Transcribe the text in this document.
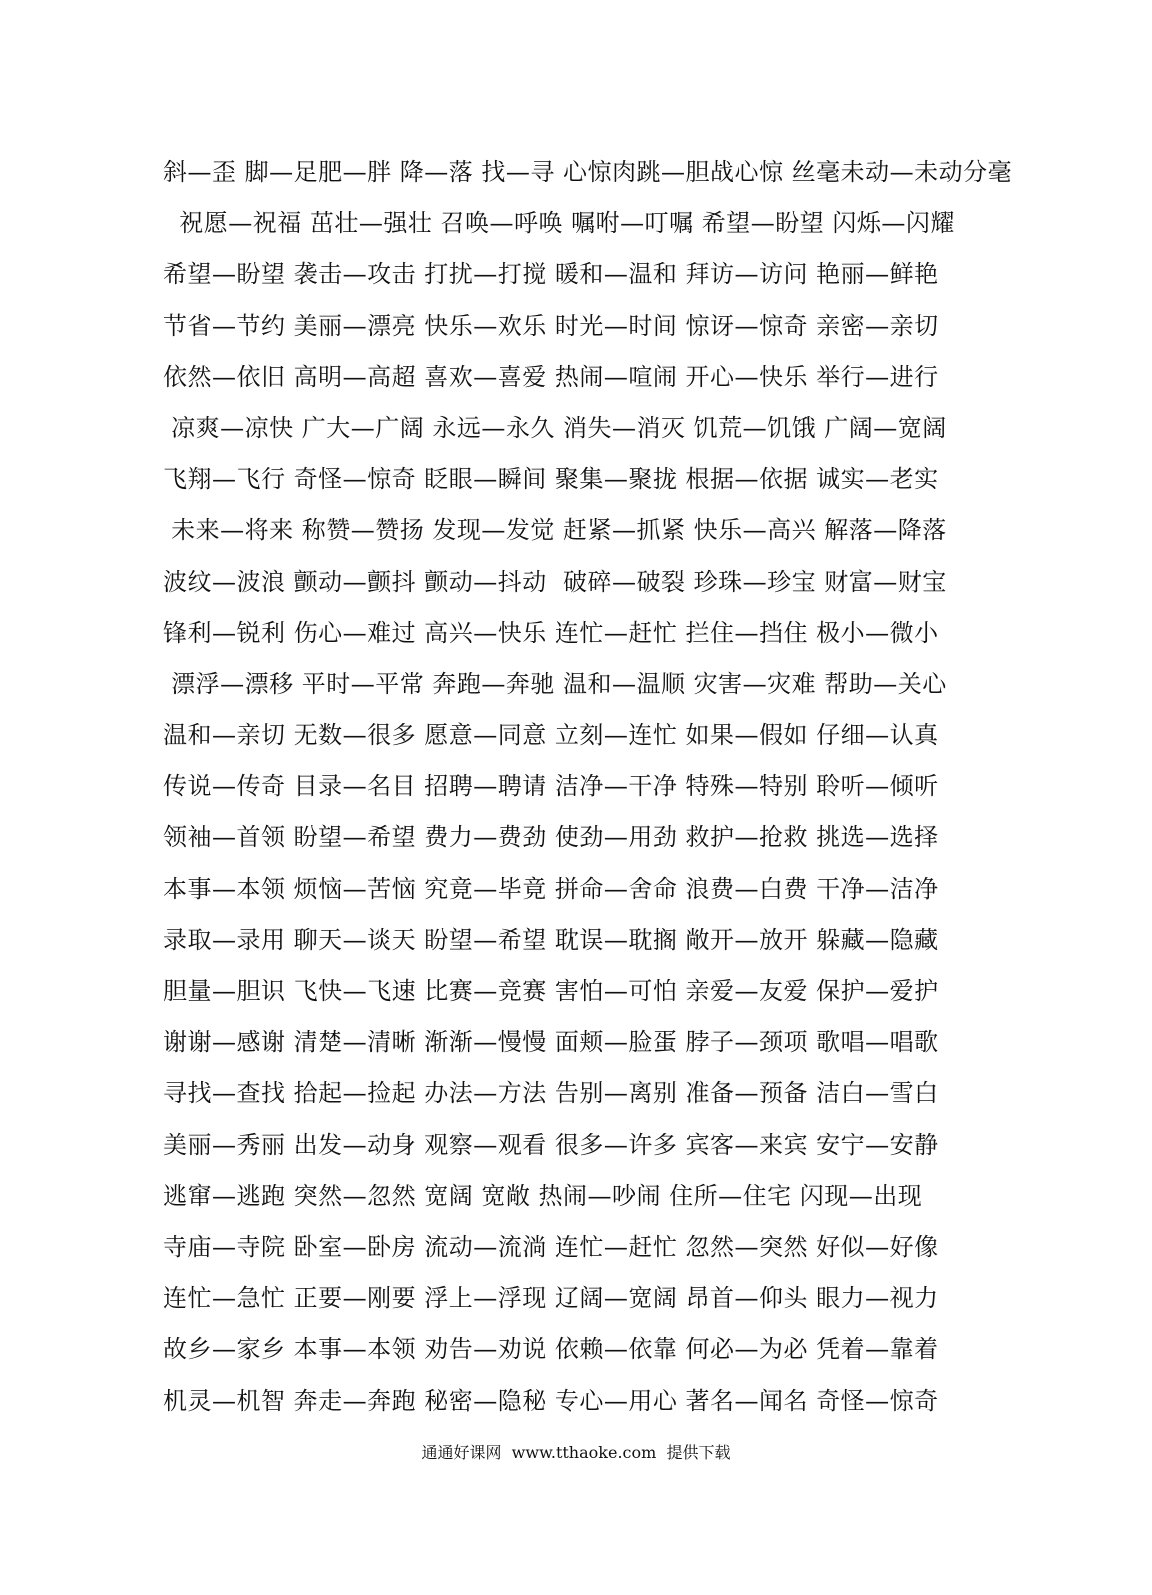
斜—歪 脚—足肥—胖 降—落 找—寻 心惊肉跳—胆战心惊 丝毫未动—未动分毫
祝愿—祝福 茁壮—强壮 召唤—呼唤 嘱咐—叮嘱 希望—盼望 闪烁—闪耀
希望—盼望 袭击—攻击 打扰—打搅 暖和—温和 拜访—访问 艳丽—鲜艳
节省—节约 美丽—漂亮 快乐—欢乐 时光—时间 惊讶—惊奇 亲密—亲切
依然—依旧 高明—高超 喜欢—喜爱 热闹—喧闹 开心—快乐 举行—进行
凉爽—凉快 广大—广阔 永远—永久 消失—消灭 饥荒—饥饿 广阔—宽阔
飞翔—飞行 奇怪—惊奇 眨眼—瞬间 聚集—聚拢 根据—依据 诚实—老实
未来—将来 称赞—赞扬 发现—发觉 赶紧—抓紧 快乐—高兴 解落—降落
波纹—波浪 颤动—颤抖 颤动—抖动  破碎—破裂 珍珠—珍宝 财富—财宝
锋利—锐利 伤心—难过 高兴—快乐 连忙—赶忙 拦住—挡住 极小—微小
漂浮—漂移 平时—平常 奔跑—奔驰 温和—温顺 灾害—灾难 帮助—关心
温和—亲切 无数—很多 愿意—同意 立刻—连忙 如果—假如 仔细—认真
传说—传奇 目录—名目 招聘—聘请 洁净—干净 特殊—特别 聆听—倾听
领袖—首领 盼望—希望 费力—费劲 使劲—用劲 救护—抢救 挑选—选择
本事—本领 烦恼—苦恼 究竟—毕竟 拼命—舍命 浪费—白费 干净—洁净
录取—录用 聊天—谈天 盼望—希望 耽误—耽搁 敞开—放开 躲藏—隐藏
胆量—胆识 飞快—飞速 比赛—竞赛 害怕—可怕 亲爱—友爱 保护—爱护
谢谢—感谢 清楚—清晰 渐渐—慢慢 面颊—脸蛋 脖子—颈项 歌唱—唱歌
寻找—查找 拾起—捡起 办法—方法 告别—离别 准备—预备 洁白—雪白
美丽—秀丽 出发—动身 观察—观看 很多—许多 宾客—来宾 安宁—安静
逃窜—逃跑 突然—忽然 宽阔 宽敞 热闹—吵闹 住所—住宅 闪现—出现
寺庙—寺院 卧室—卧房 流动—流淌 连忙—赶忙 忽然—突然 好似—好像
连忙—急忙 正要—刚要 浮上—浮现 辽阔—宽阔 昂首—仰头 眼力—视力
故乡—家乡 本事—本领 劝告—劝说 依赖—依靠 何必—为必 凭着—靠着
机灵—机智 奔走—奔跑 秘密—隐秘 专心—用心 著名—闻名 奇怪—惊奇
通通好课网  www.tthaoke.com  提供下载
